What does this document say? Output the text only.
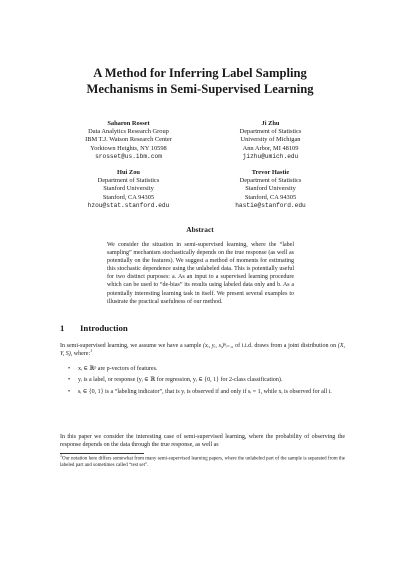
A Method for Inferring Label Sampling
Mechanisms in Semi-Supervised Learning
Saharon Rosset
Data Analytics Research Group
IBM T.J. Watson Research Center
Yorktown Heights, NY 10598
srosset@us.ibm.com
Ji Zhu
Department of Statistics
University of Michigan
Ann Arbor, MI 48109
jizhu@umich.edu
Hui Zou
Department of Statistics
Stanford University
Stanford, CA 94305
hzou@stat.stanford.edu
Trevor Hastie
Department of Statistics
Stanford University
Stanford, CA 94305
hastie@stanford.edu
Abstract

We consider the situation in semi-supervised learning, where the “label sampling” mechanism stochastically depends on the true response (as well as potentially on the features). We suggest a method of moments for estimating this stochastic dependence using the unlabeled data. This is potentially useful for two distinct purposes: a. As an input to a supervised learning procedure which can be used to “de-bias” its results using labeled data only and b. As a potentially interesting learning task in itself. We present several examples to illustrate the practical usefulness of our method.

1 Introduction

In semi-supervised learning, we assume we have a sample (xᵢ, yᵢ, sᵢ)ⁿᵢ₌₁, of i.i.d. draws from a joint distribution on (X, Y, S), where:$^1$

• xᵢ ∈ ℝᵖ are p-vectors of features.
• yᵢ is a label, or response (yᵢ ∈ ℝ for regression, yᵢ ∈ {0, 1} for 2-class classification).
• sᵢ ∈ {0, 1} is a “labeling indicator”, that is yᵢ is observed if and only if sᵢ = 1, while xᵢ is observed for all i.

In this paper we consider the interesting case of semi-supervised learning, where the probability of observing the response depends on the data through the true response, as well as

$^1$Our notation here differs somewhat from many semi-supervised learning papers, where the unlabeled part of the sample is separated from the labeled part and sometimes called “test set”.
